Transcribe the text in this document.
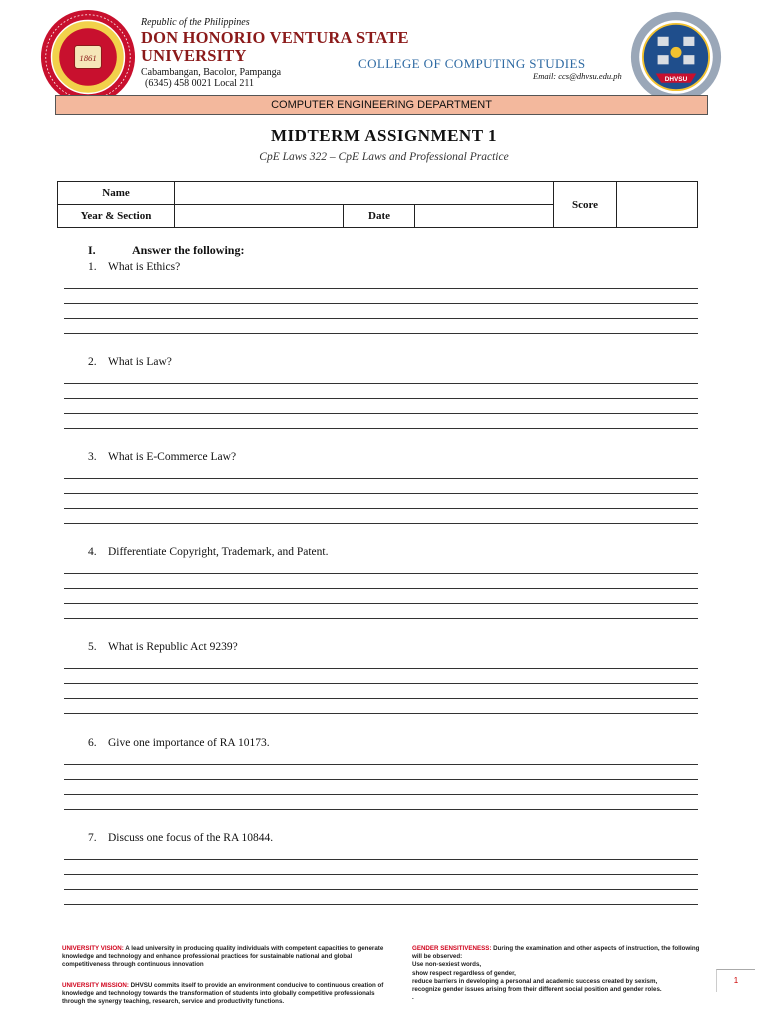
1861
DHVSU
Republic of the Philippines
DON HONORIO VENTURA STATE
UNIVERSITY
Cabambangan, Bacolor, Pampanga
(6345) 458 0021 Local 211
COLLEGE OF COMPUTING STUDIES
Email: ccs@dhvsu.edu.ph
COMPUTER ENGINEERING DEPARTMENT
MIDTERM ASSIGNMENT 1
CpE Laws 322 – CpE Laws and Professional Practice
Name				Score	
Year & Section		Date			
I.	Answer the following:
1. What is Ethics?
2. What is Law?
3. What is E-Commerce Law?
4. Differentiate Copyright, Trademark, and Patent.
5. What is Republic Act 9239?
6. Give one importance of RA 10173.
7. Discuss one focus of the RA 10844.
UNIVERSITY VISION: A lead university in producing quality individuals with competent capacities to generate knowledge and technology and enhance professional practices for sustainable national and global competitiveness through continuous innovation
UNIVERSITY MISSION: DHVSU commits itself to provide an environment conducive to continuous creation of knowledge and technology towards the transformation of students into globally competitive professionals through the synergy teaching, research, service and productivity functions.
GENDER SENSITIVENESS: During the examination and other aspects of instruction, the following will be observed:
Use non-sexiest words,
show respect regardless of gender,
reduce barriers in developing a personal and academic success created by sexism,
recognize gender issues arising from their different social position and gender roles.
.
1
